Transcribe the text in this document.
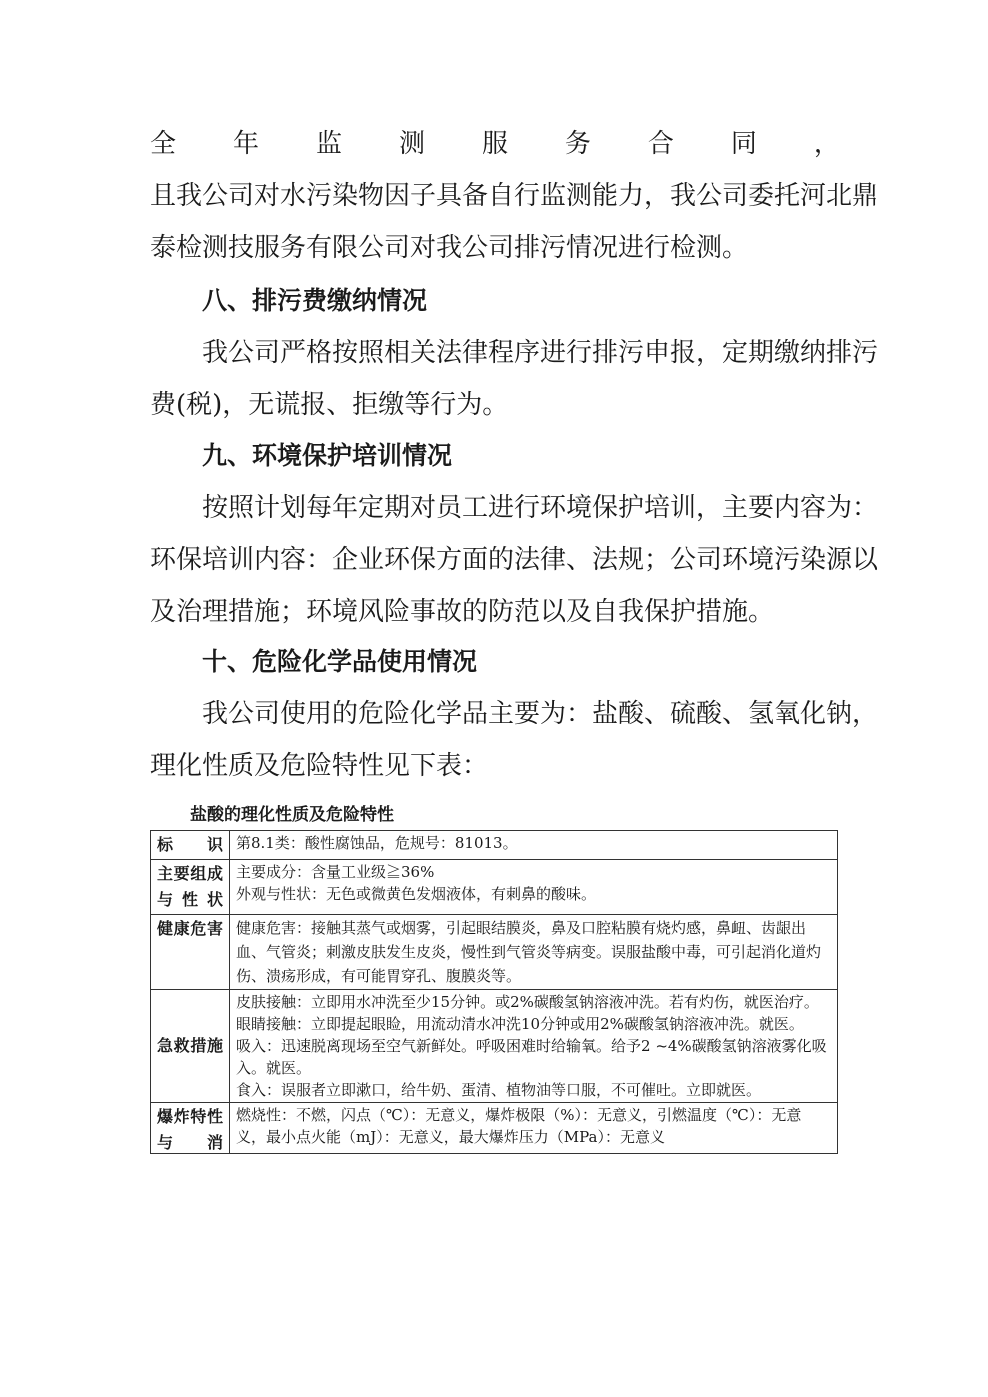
全 年 监 测 服 务 合 同 ，
且我公司对水污染物因子具备自行监测能力，我公司委托河北鼎
泰检测技服务有限公司对我公司排污情况进行检测。
八、排污费缴纳情况
我公司严格按照相关法律程序进行排污申报，定期缴纳排污
费(税)，无谎报、拒缴等行为。
九、环境保护培训情况
按照计划每年定期对员工进行环境保护培训，主要内容为：
环保培训内容：企业环保方面的法律、法规；公司环境污染源以
及治理措施；环境风险事故的防范以及自我保护措施。
十、危险化学品使用情况
我公司使用的危险化学品主要为：盐酸、硫酸、氢氧化钠，
理化性质及危险特性见下表：
盐酸的理化性质及危险特性
标识	第8.1类：酸性腐蚀品，危规号：81013。

主要组成与性状	主要成分：含量工业级≧36%
外观与性状：无色或微黄色发烟液体，有刺鼻的酸味。

健康危害	健康危害：接触其蒸气或烟雾，引起眼结膜炎，鼻及口腔粘膜有烧灼感，鼻衄、齿龈出血、气管炎；刺激皮肤发生皮炎，慢性到气管炎等病变。误服盐酸中毒，可引起消化道灼伤、溃疡形成，有可能胃穿孔、腹膜炎等。

急救措施	皮肤接触：立即用水冲洗至少15分钟。或2%碳酸氢钠溶液冲洗。若有灼伤，就医治疗。
眼睛接触：立即提起眼睑，用流动清水冲洗10分钟或用2%碳酸氢钠溶液冲洗。就医。
吸入：迅速脱离现场至空气新鲜处。呼吸困难时给输氧。给予2 ~4%碳酸氢钠溶液雾化吸入。就医。
食入：误服者立即漱口，给牛奶、蛋清、植物油等口服，不可催吐。立即就医。

爆炸特性与消	燃烧性：不燃，闪点（℃）：无意义，爆炸极限（%）：无意义，引燃温度（℃）：无意义，最小点火能（mJ）：无意义，最大爆炸压力（MPa）：无意义
